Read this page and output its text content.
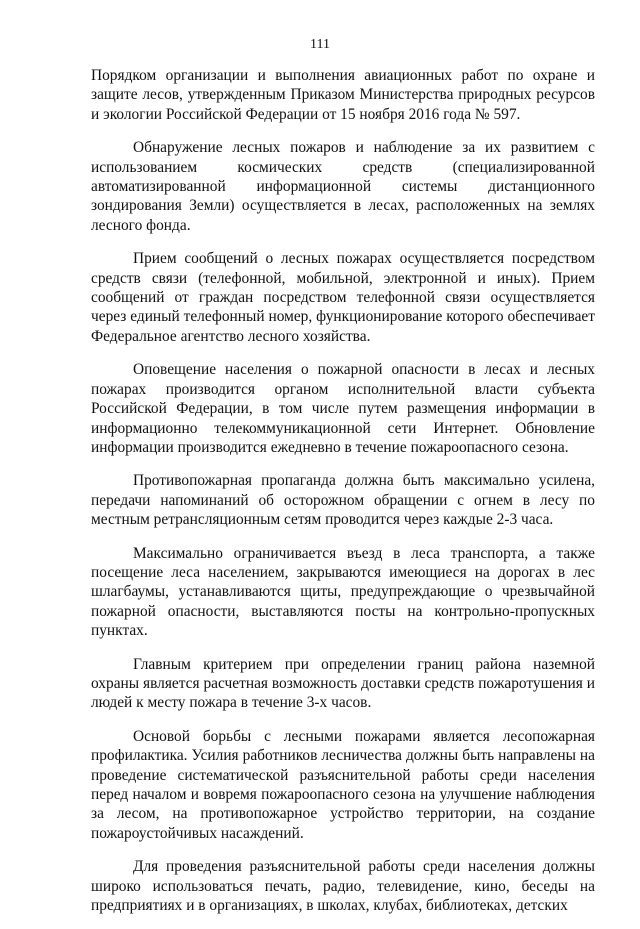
111

Порядком организации и выполнения авиационных работ по охране и защите лесов, утвержденным Приказом Министерства природных ресурсов и экологии Российской Федерации от 15 ноября 2016 года № 597.

Обнаружение лесных пожаров и наблюдение за их развитием с использованием космических средств (специализированной автоматизированной информационной системы дистанционного зондирования Земли) осуществляется в лесах, расположенных на землях лесного фонда.

Прием сообщений о лесных пожарах осуществляется посредством средств связи (телефонной, мобильной, электронной и иных). Прием сообщений от граждан посредством телефонной связи осуществляется через единый телефонный номер, функционирование которого обеспечивает Федеральное агентство лесного хозяйства.

Оповещение населения о пожарной опасности в лесах и лесных пожарах производится органом исполнительной власти субъекта Российской Федерации, в том числе путем размещения информации в информационно телекоммуникационной сети Интернет. Обновление информации производится ежедневно в течение пожароопасного сезона.

Противопожарная пропаганда должна быть максимально усилена, передачи напоминаний об осторожном обращении с огнем в лесу по местным ретрансляционным сетям проводится через каждые 2-3 часа.

Максимально ограничивается въезд в леса транспорта, а также посещение леса населением, закрываются имеющиеся на дорогах в лес шлагбаумы, устанавливаются щиты, предупреждающие о чрезвычайной пожарной опасности, выставляются посты на контрольно-пропускных пунктах.

Главным критерием при определении границ района наземной охраны является расчетная возможность доставки средств пожаротушения и людей к месту пожара в течение 3-х часов.

Основой борьбы с лесными пожарами является лесопожарная профилактика. Усилия работников лесничества должны быть направлены на проведение систематической разъяснительной работы среди населения перед началом и вовремя пожароопасного сезона на улучшение наблюдения за лесом, на противопожарное устройство территории, на создание пожароустойчивых насаждений.

Для проведения разъяснительной работы среди населения должны широко использоваться печать, радио, телевидение, кино, беседы на предприятиях и в организациях, в школах, клубах, библиотеках, детских
